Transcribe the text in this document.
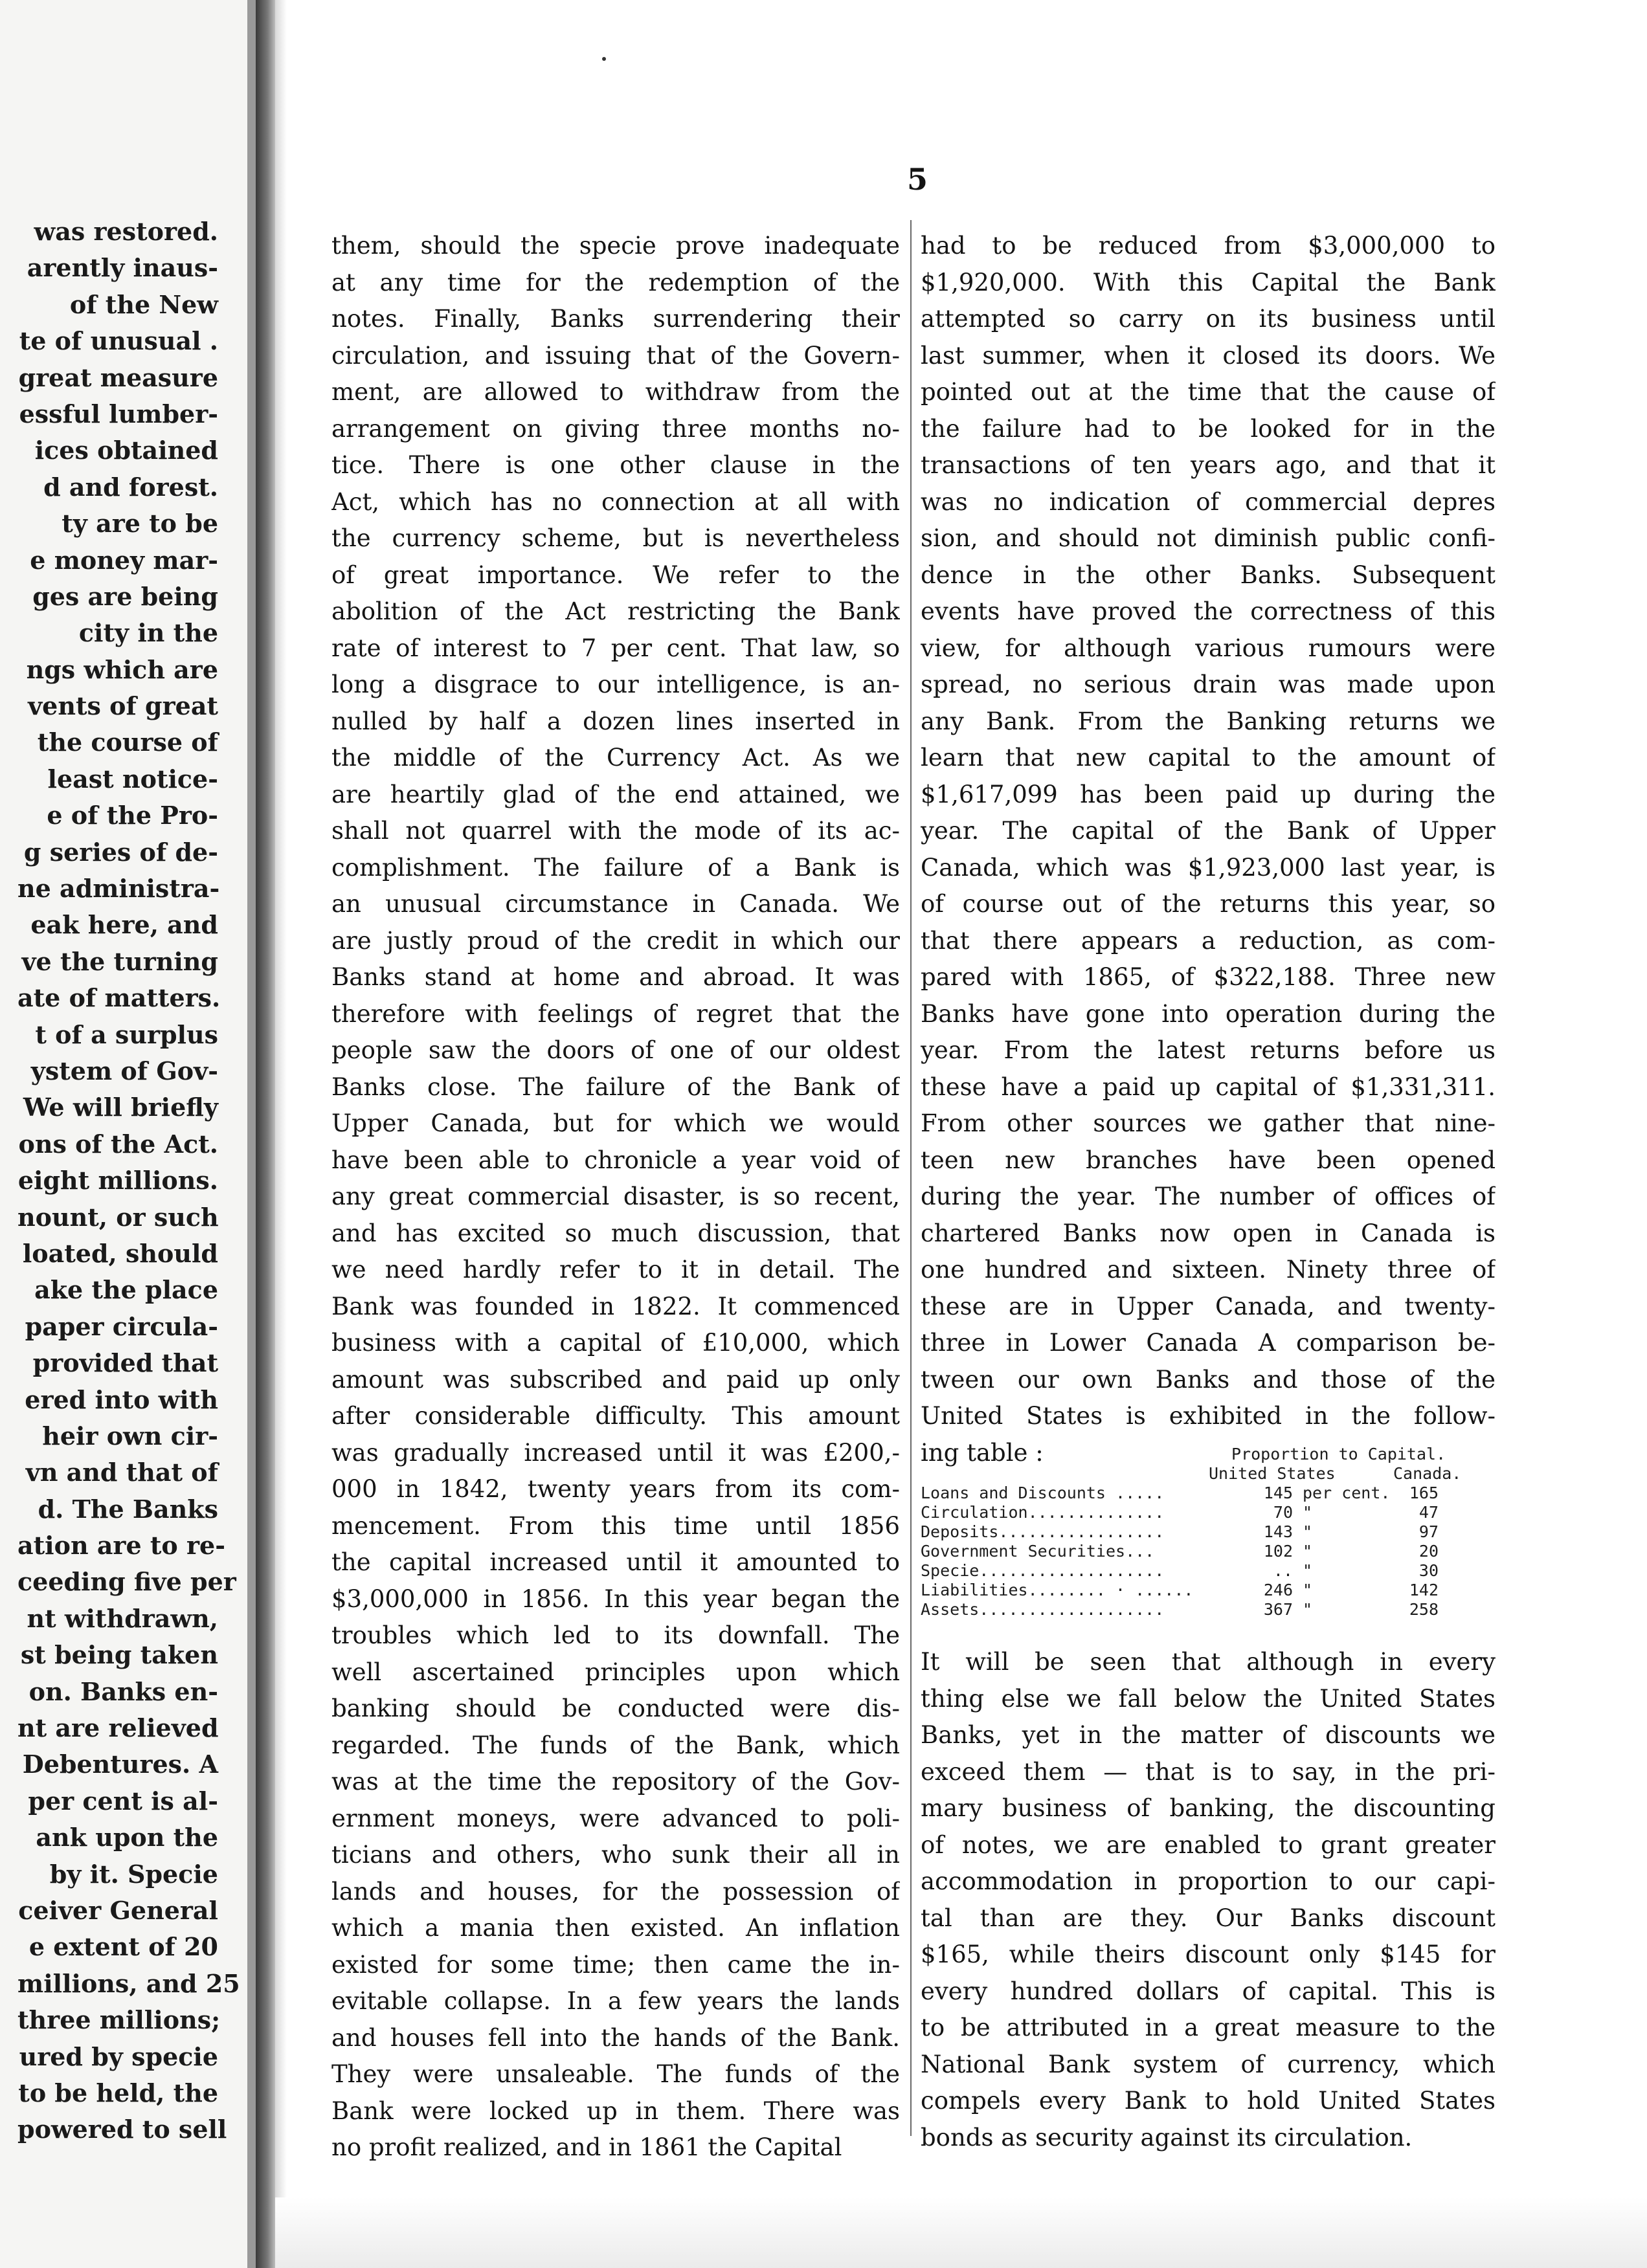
was restored.
arently inaus-
of the New
te of unusual .
great measure
essful lumber-
ices obtained
d and forest.
ty are to be
e money mar-
ges are being
city in the
ngs which are
vents of great
the course of
least notice-
e of the Pro-
g series of de-
ne administra-
eak here, and
ve the turning
ate of matters.
t of a surplus
ystem of Gov-
We will briefly
ons of the Act.
eight millions.
nount, or such
loated, should
ake the place
paper circula-
provided that
ered into with
heir own cir-
vn and that of
d. The Banks
ation are to re-
ceeding five per
nt withdrawn,
st being taken
on. Banks en-
nt are relieved
Debentures. A
per cent is al-
ank upon the
by it. Specie
ceiver General
e extent of 20
millions, and 25
three millions;
ured by specie
to be held, the
powered to sell
5
them, should the specie prove inadequate
at any time for the redemption of the
notes. Finally, Banks surrendering their
circulation, and issuing that of the Govern-
ment, are allowed to withdraw from the
arrangement on giving three months no-
tice. There is one other clause in the
Act, which has no connection at all with
the currency scheme, but is nevertheless
of great importance. We refer to the
abolition of the Act restricting the Bank
rate of interest to 7 per cent. That law, so
long a disgrace to our intelligence, is an-
nulled by half a dozen lines inserted in
the middle of the Currency Act. As we
are heartily glad of the end attained, we
shall not quarrel with the mode of its ac-
complishment. The failure of a Bank is
an unusual circumstance in Canada. We
are justly proud of the credit in which our
Banks stand at home and abroad. It was
therefore with feelings of regret that the
people saw the doors of one of our oldest
Banks close. The failure of the Bank of
Upper Canada, but for which we would
have been able to chronicle a year void of
any great commercial disaster, is so recent,
and has excited so much discussion, that
we need hardly refer to it in detail. The
Bank was founded in 1822. It commenced
business with a capital of £10,000, which
amount was subscribed and paid up only
after considerable difficulty. This amount
was gradually increased until it was £200,-
000 in 1842, twenty years from its com-
mencement. From this time until 1856
the capital increased until it amounted to
$3,000,000 in 1856. In this year began the
troubles which led to its downfall. The
well ascertained principles upon which
banking should be conducted were dis-
regarded. The funds of the Bank, which
was at the time the repository of the Gov-
ernment moneys, were advanced to poli-
ticians and others, who sunk their all in
lands and houses, for the possession of
which a mania then existed. An inflation
existed for some time; then came the in-
evitable collapse. In a few years the lands
and houses fell into the hands of the Bank.
They were unsaleable. The funds of the
Bank were locked up in them. There was
no profit realized, and in 1861 the Capital
had to be reduced from $3,000,000 to
$1,920,000. With this Capital the Bank
attempted so carry on its business until
last summer, when it closed its doors. We
pointed out at the time that the cause of
the failure had to be looked for in the
transactions of ten years ago, and that it
was no indication of commercial depres
sion, and should not diminish public confi-
dence in the other Banks. Subsequent
events have proved the correctness of this
view, for although various rumours were
spread, no serious drain was made upon
any Bank. From the Banking returns we
learn that new capital to the amount of
$1,617,099 has been paid up during the
year. The capital of the Bank of Upper
Canada, which was $1,923,000 last year, is
of course out of the returns this year, so
that there appears a reduction, as com-
pared with 1865, of $322,188. Three new
Banks have gone into operation during the
year. From the latest returns before us
these have a paid up capital of $1,331,311.
From other sources we gather that nine-
teen new branches have been opened
during the year. The number of offices of
chartered Banks now open in Canada is
one hundred and sixteen. Ninety three of
these are in Upper Canada, and twenty-
three in Lower Canada A comparison be-
tween our own Banks and those of the
United States is exhibited in the follow-
ing table :	Proportion to Capital.
United States	Canada.
Loans and Discounts .....	145 per cent.	165
Circulation..............	70 "	47
Deposits.................	143 "	97
Government Securities...	102 "	20
Specie...................	.. "	30
Liabilities........ · ......	246 "	142
Assets...................	367 "	258
It will be seen that although in every
thing else we fall below the United States
Banks, yet in the matter of discounts we
exceed them — that is to say, in the pri-
mary business of banking, the discounting
of notes, we are enabled to grant greater
accommodation in proportion to our capi-
tal than are they. Our Banks discount
$165, while theirs discount only $145 for
every hundred dollars of capital. This is
to be attributed in a great measure to the
National Bank system of currency, which
compels every Bank to hold United States
bonds as security against its circulation.
